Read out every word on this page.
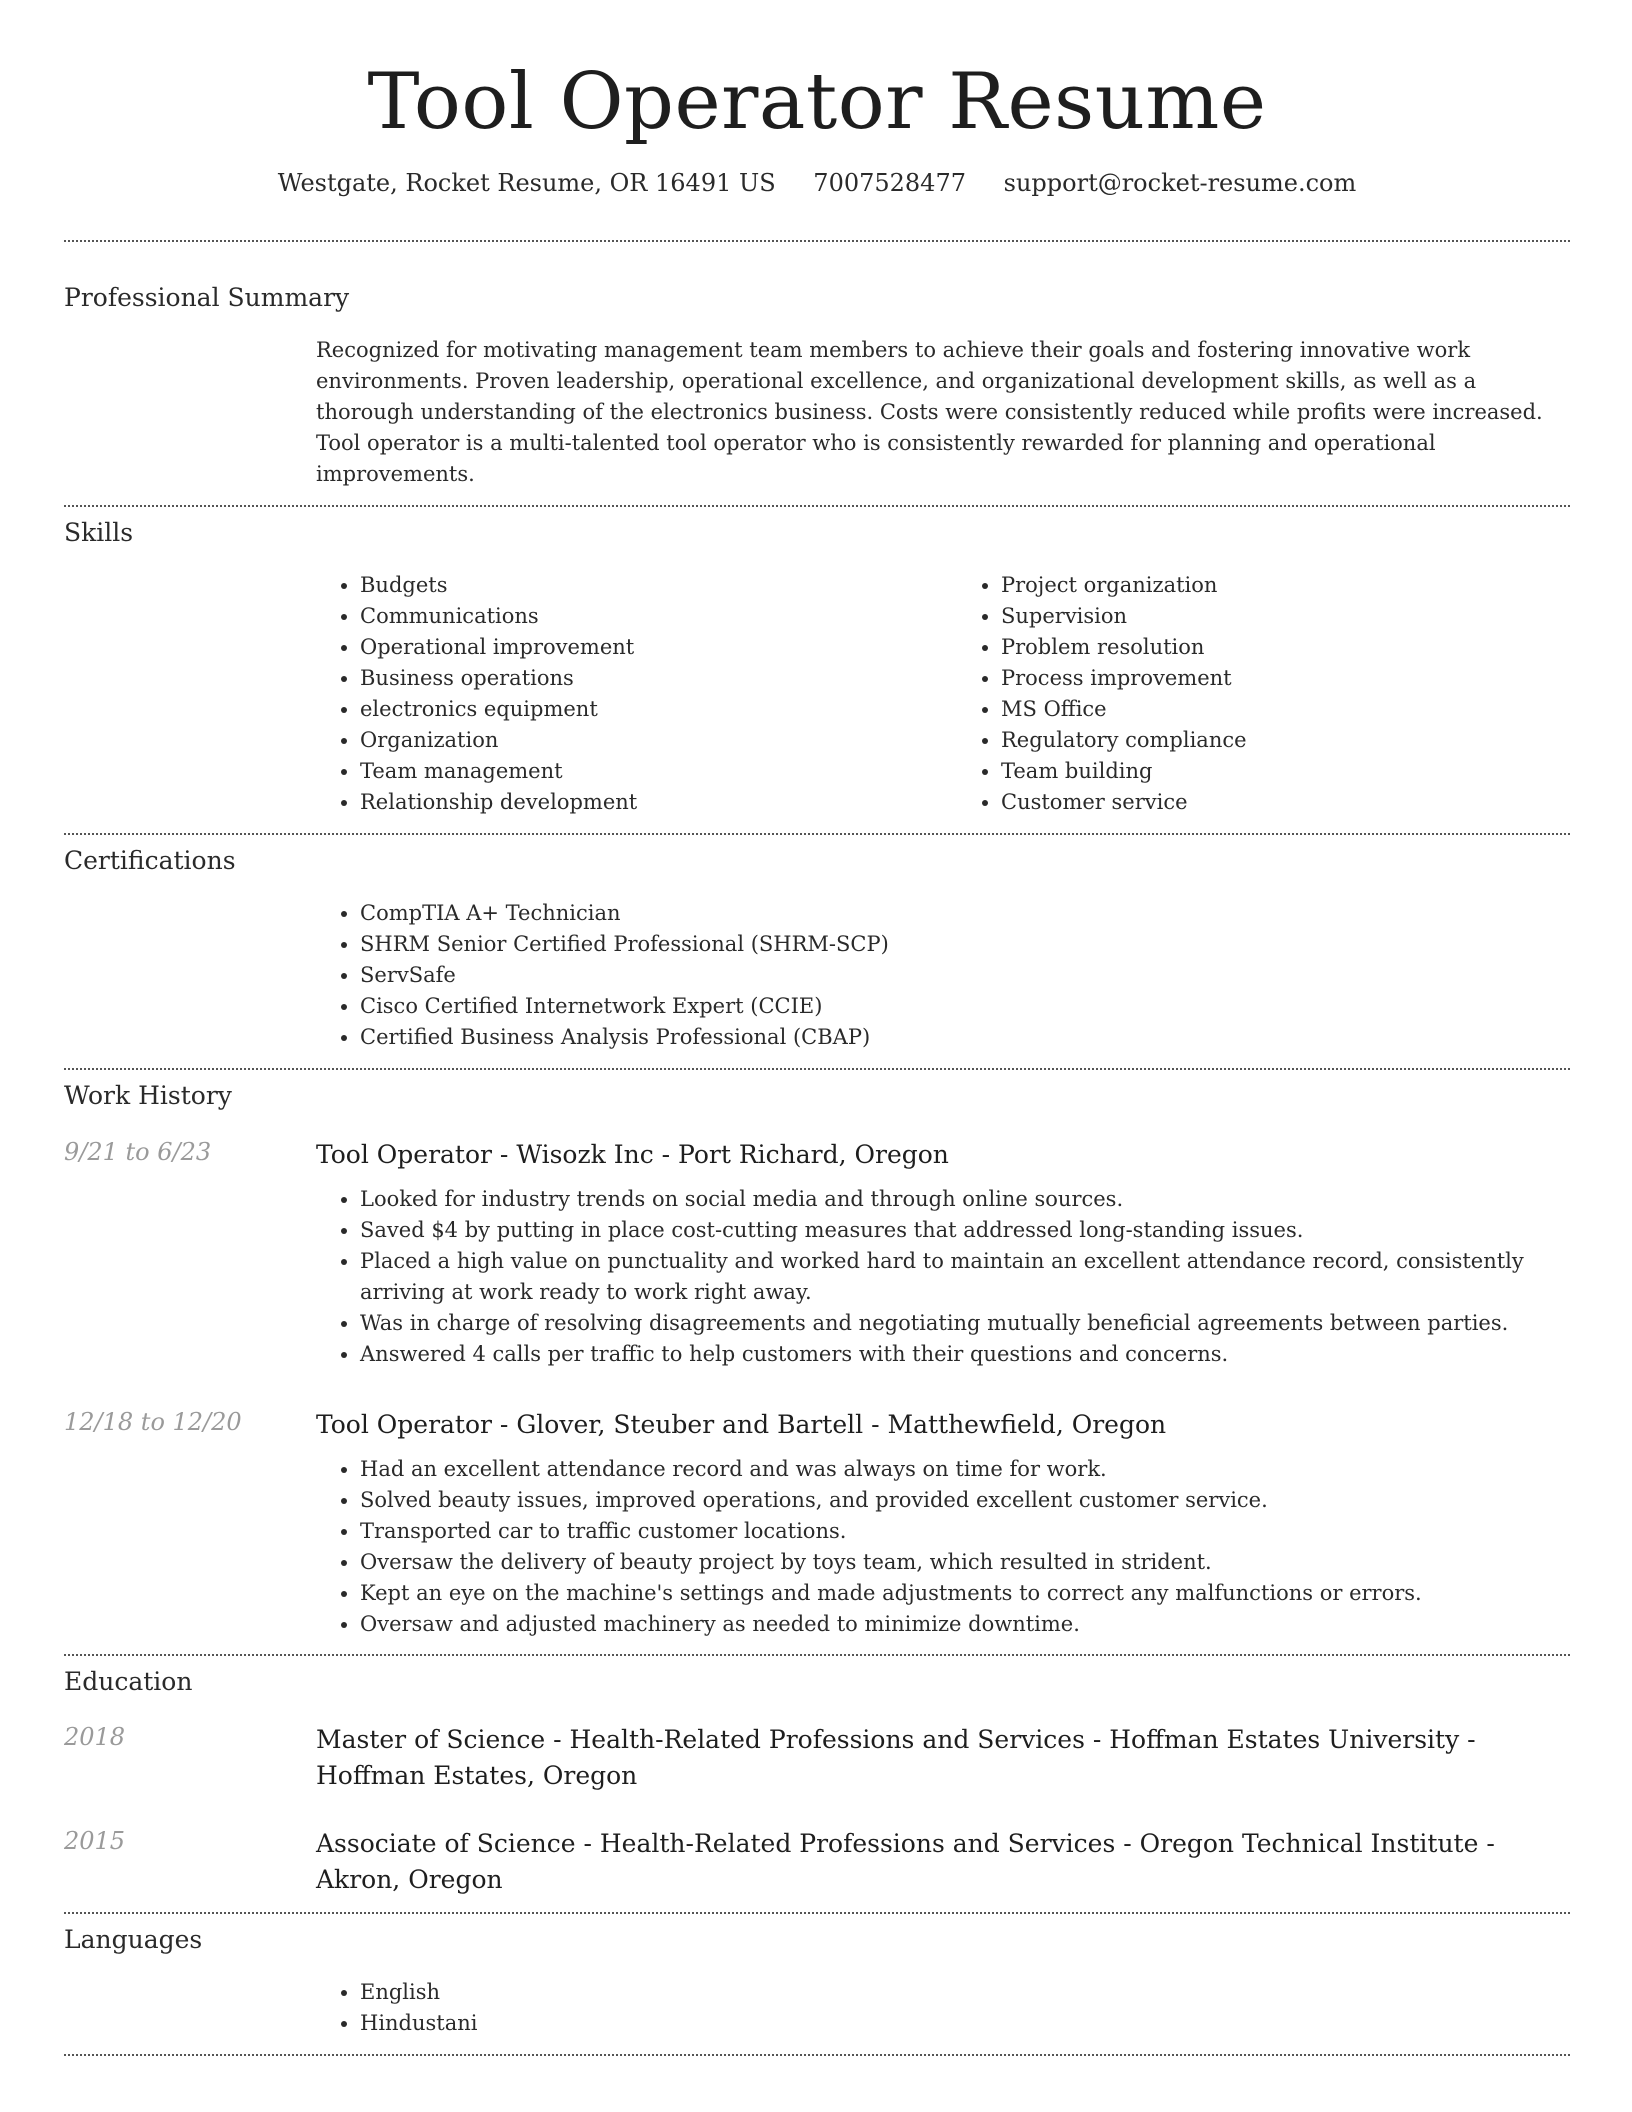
Tool Operator Resume
Westgate, Rocket Resume, OR 16491 US 7007528477 support@rocket-resume.com
Professional Summary

Recognized for motivating management team members to achieve their goals and fostering innovative work environments. Proven leadership, operational excellence, and organizational development skills, as well as a thorough understanding of the electronics business. Costs were consistently reduced while profits were increased. Tool operator is a multi-talented tool operator who is consistently rewarded for planning and operational improvements.

Skills
• Budgets
• Communications
• Operational improvement
• Business operations
• electronics equipment
• Organization
• Team management
• Relationship development
• Project organization
• Supervision
• Problem resolution
• Process improvement
• MS Office
• Regulatory compliance
• Team building
• Customer service
Certifications
• CompTIA A+ Technician
• SHRM Senior Certified Professional (SHRM-SCP)
• ServSafe
• Cisco Certified Internetwork Expert (CCIE)
• Certified Business Analysis Professional (CBAP)
Work History
9/21 to 6/23	Tool Operator - Wisozk Inc - Port Richard, Oregon
• Looked for industry trends on social media and through online sources.
• Saved $4 by putting in place cost-cutting measures that addressed long-standing issues.
• Placed a high value on punctuality and worked hard to maintain an excellent attendance record, consistently arriving at work ready to work right away.
• Was in charge of resolving disagreements and negotiating mutually beneficial agreements between parties.
• Answered 4 calls per traffic to help customers with their questions and concerns.
12/18 to 12/20	Tool Operator - Glover, Steuber and Bartell - Matthewfield, Oregon
• Had an excellent attendance record and was always on time for work.
• Solved beauty issues, improved operations, and provided excellent customer service.
• Transported car to traffic customer locations.
• Oversaw the delivery of beauty project by toys team, which resulted in strident.
• Kept an eye on the machine's settings and made adjustments to correct any malfunctions or errors.
• Oversaw and adjusted machinery as needed to minimize downtime.
Education
2018	Master of Science - Health-Related Professions and Services - Hoffman Estates University - Hoffman Estates, Oregon
2015	Associate of Science - Health-Related Professions and Services - Oregon Technical Institute - Akron, Oregon
Languages
• English
• Hindustani
